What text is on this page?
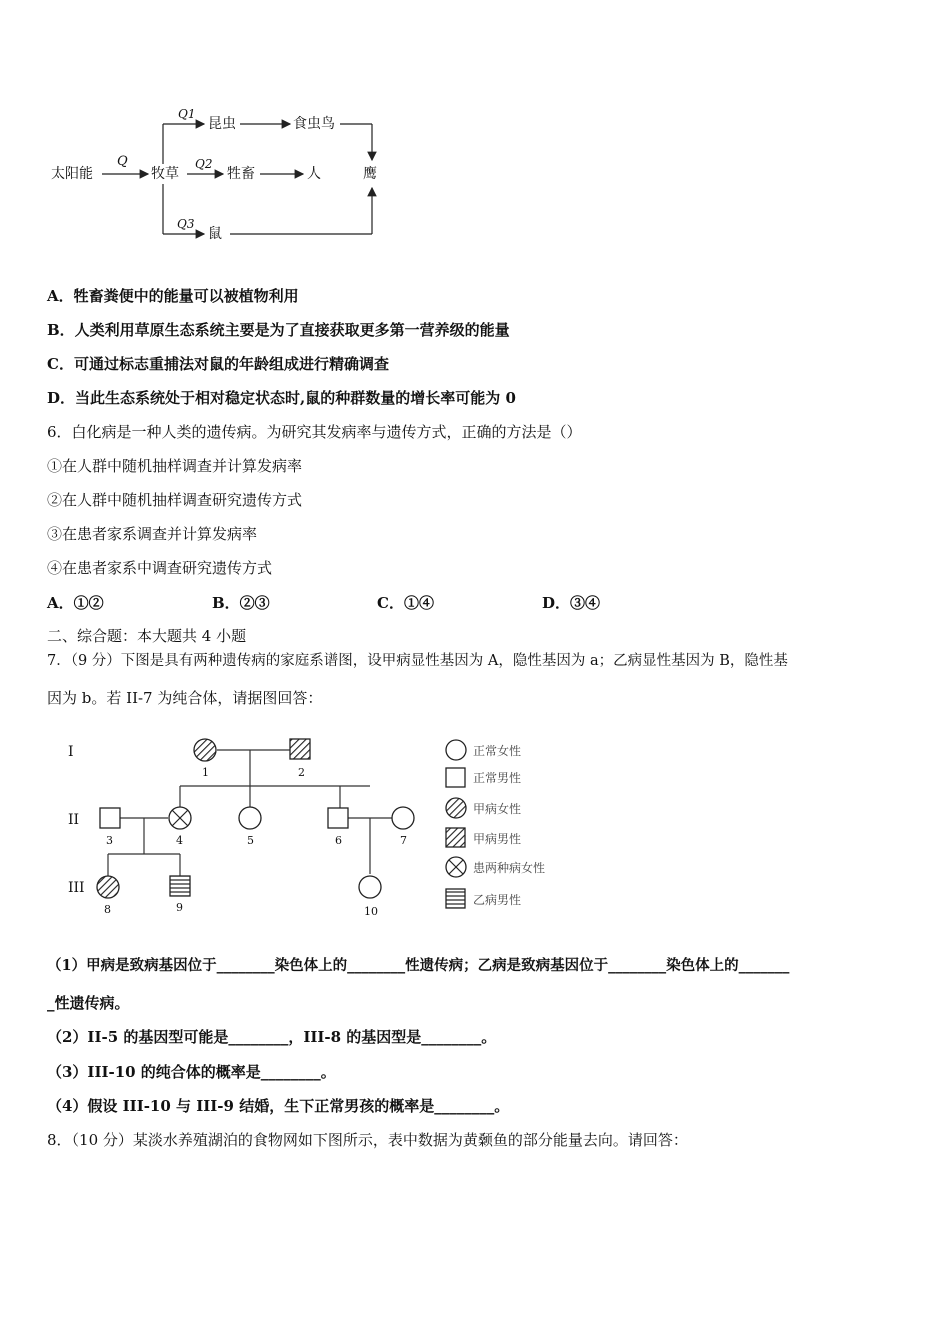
太阳能	牧草
昆虫	食虫鸟
牲畜	人
鼠
鹰
Q
Q1
Q2
Q3
A．牲畜粪便中的能量可以被植物利用
B．人类利用草原生态系统主要是为了直接获取更多第一营养级的能量
C．可通过标志重捕法对鼠的年龄组成进行精确调查
D．当此生态系统处于相对稳定状态时,鼠的种群数量的增长率可能为 0
6．白化病是一种人类的遗传病。为研究其发病率与遗传方式，正确的方法是（）
①在人群中随机抽样调查并计算发病率
②在人群中随机抽样调查研究遗传方式
③在患者家系调查并计算发病率
④在患者家系中调查研究遗传方式
A．①②	B．②③	C．①④	D．③④
二、综合题：本大题共 4 小题
7．（9 分）下图是具有两种遗传病的家庭系谱图，设甲病显性基因为 A，隐性基因为 a；乙病显性基因为 B，隐性基
因为 b。若 II-7 为纯合体，请据图回答：
I
II
III
1	2
3	4	5	6	7
8	9	10
正常女性
正常男性
甲病女性
甲病男性
患两种病女性
乙病男性
（1）甲病是致病基因位于________染色体上的________性遗传病；乙病是致病基因位于________染色体上的_______
_性遗传病。
（2）II-5 的基因型可能是________，III-8 的基因型是________。
（3）III-10 的纯合体的概率是________。
（4）假设 III-10 与 III-9 结婚，生下正常男孩的概率是________。
8．（10 分）某淡水养殖湖泊的食物网如下图所示，表中数据为黄颡鱼的部分能量去向。请回答：
